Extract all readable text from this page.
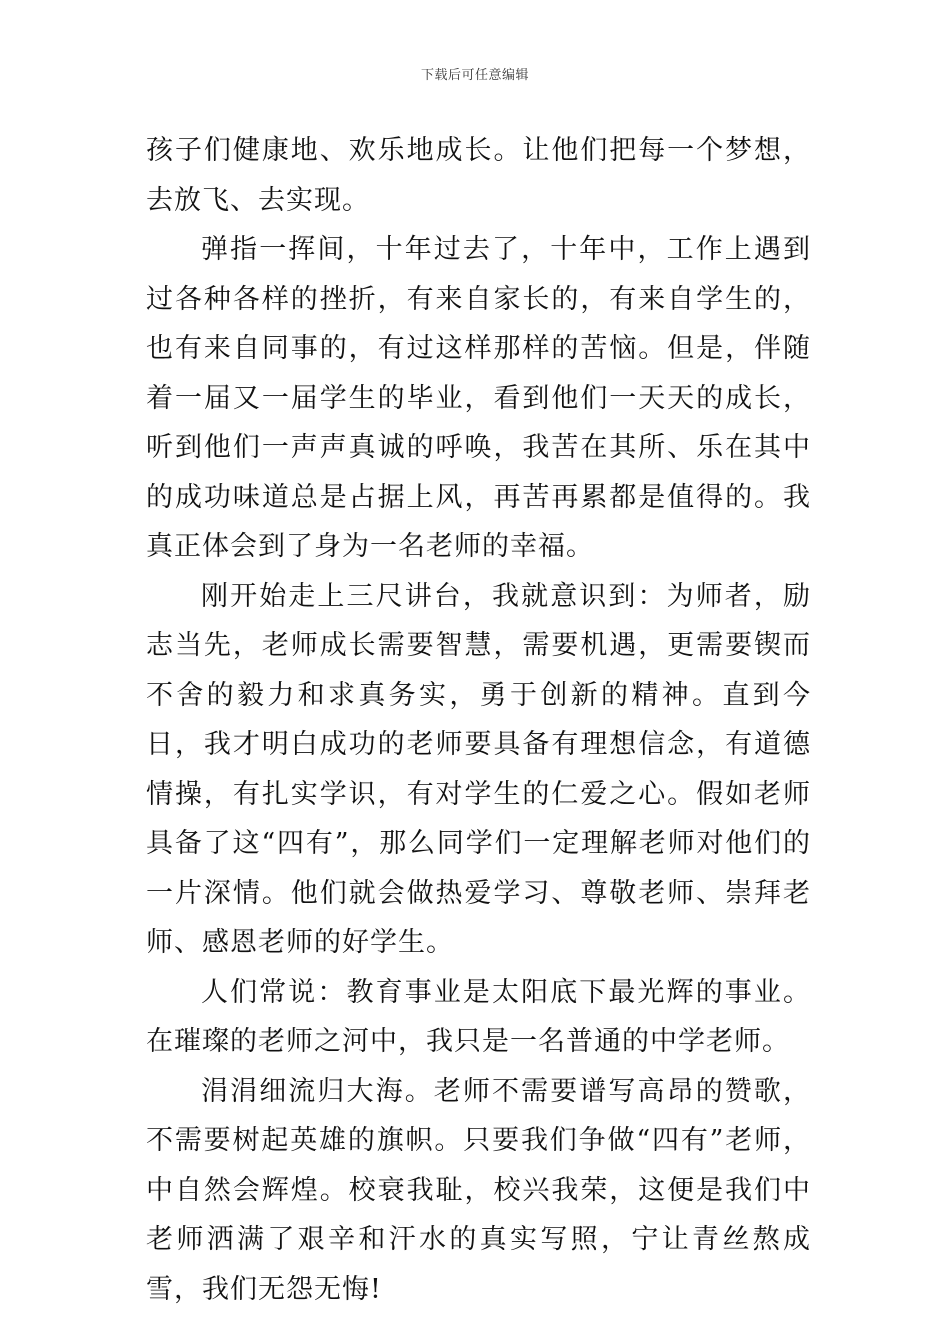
下载后可任意编辑

孩子们健康地、欢乐地成长。让他们把每一个梦想，去放飞、去实现。

弹指一挥间，十年过去了，十年中，工作上遇到过各种各样的挫折，有来自家长的，有来自学生的，也有来自同事的，有过这样那样的苦恼。但是，伴随着一届又一届学生的毕业，看到他们一天天的成长，听到他们一声声真诚的呼唤，我苦在其所、乐在其中的成功味道总是占据上风，再苦再累都是值得的。我真正体会到了身为一名老师的幸福。

刚开始走上三尺讲台，我就意识到：为师者，励志当先，老师成长需要智慧，需要机遇，更需要锲而不舍的毅力和求真务实，勇于创新的精神。直到今日，我才明白成功的老师要具备有理想信念，有道德情操，有扎实学识，有对学生的仁爱之心。假如老师具备了这“四有”，那么同学们一定理解老师对他们的一片深情。他们就会做热爱学习、尊敬老师、崇拜老师、感恩老师的好学生。

人们常说：教育事业是太阳底下最光辉的事业。在璀璨的老师之河中，我只是一名普通的中学老师。

涓涓细流归大海。老师不需要谱写高昂的赞歌，不需要树起英雄的旗帜。只要我们争做“四有”老师，中自然会辉煌。校衰我耻，校兴我荣，这便是我们中老师洒满了艰辛和汗水的真实写照，宁让青丝熬成雪，我们无怨无悔!
